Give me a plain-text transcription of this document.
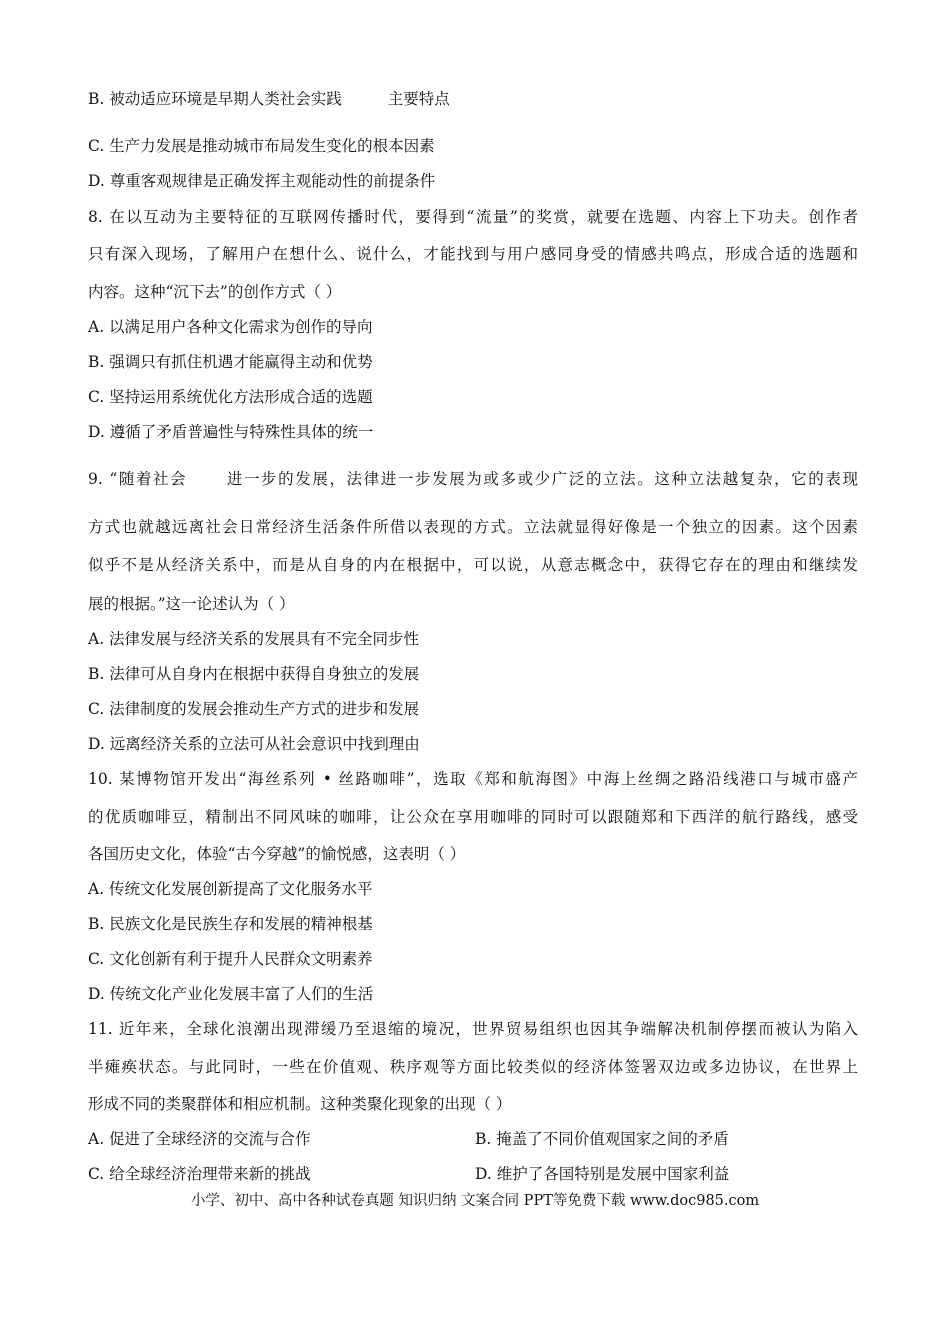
B. 被动适应环境是早期人类社会实践	主要特点
C. 生产力发展是推动城市布局发生变化的根本因素
D. 尊重客观规律是正确发挥主观能动性的前提条件
8. 在以互动为主要特征的互联网传播时代，要得到“流量”的奖赏，就要在选题、内容上下功夫。创作者
只有深入现场，了解用户在想什么、说什么，才能找到与用户感同身受的情感共鸣点，形成合适的选题和
内容。这种“沉下去”的创作方式（ ）
A. 以满足用户各种文化需求为创作的导向
B. 强调只有抓住机遇才能赢得主动和优势
C. 坚持运用系统优化方法形成合适的选题
D. 遵循了矛盾普遍性与特殊性具体的统一
9. “随着社会 进一步的发展，法律进一步发展为或多或少广泛的立法。这种立法越复杂，它的表现
方式也就越远离社会日常经济生活条件所借以表现的方式。立法就显得好像是一个独立的因素。这个因素
似乎不是从经济关系中，而是从自身的内在根据中，可以说，从意志概念中，获得它存在的理由和继续发
展的根据。”这一论述认为（ ）
A. 法律发展与经济关系的发展具有不完全同步性
B. 法律可从自身内在根据中获得自身独立的发展
C. 法律制度的发展会推动生产方式的进步和发展
D. 远离经济关系的立法可从社会意识中找到理由
10. 某博物馆开发出“海丝系列 • 丝路咖啡”，选取《郑和航海图》中海上丝绸之路沿线港口与城市盛产
的优质咖啡豆，精制出不同风味的咖啡，让公众在享用咖啡的同时可以跟随郑和下西洋的航行路线，感受
各国历史文化，体验“古今穿越”的愉悦感，这表明（ ）
A. 传统文化发展创新提高了文化服务水平
B. 民族文化是民族生存和发展的精神根基
C. 文化创新有利于提升人民群众文明素养
D. 传统文化产业化发展丰富了人们的生活
11. 近年来，全球化浪潮出现滞缓乃至退缩的境况，世界贸易组织也因其争端解决机制停摆而被认为陷入
半瘫痪状态。与此同时，一些在价值观、秩序观等方面比较类似的经济体签署双边或多边协议，在世界上
形成不同的类聚群体和相应机制。这种类聚化现象的出现（ ）
A. 促进了全球经济的交流与合作	B. 掩盖了不同价值观国家之间的矛盾
C. 给全球经济治理带来新的挑战	D. 维护了各国特别是发展中国家利益
小学、初中、高中各种试卷真题 知识归纳 文案合同 PPT等免费下载 www.doc985.com
